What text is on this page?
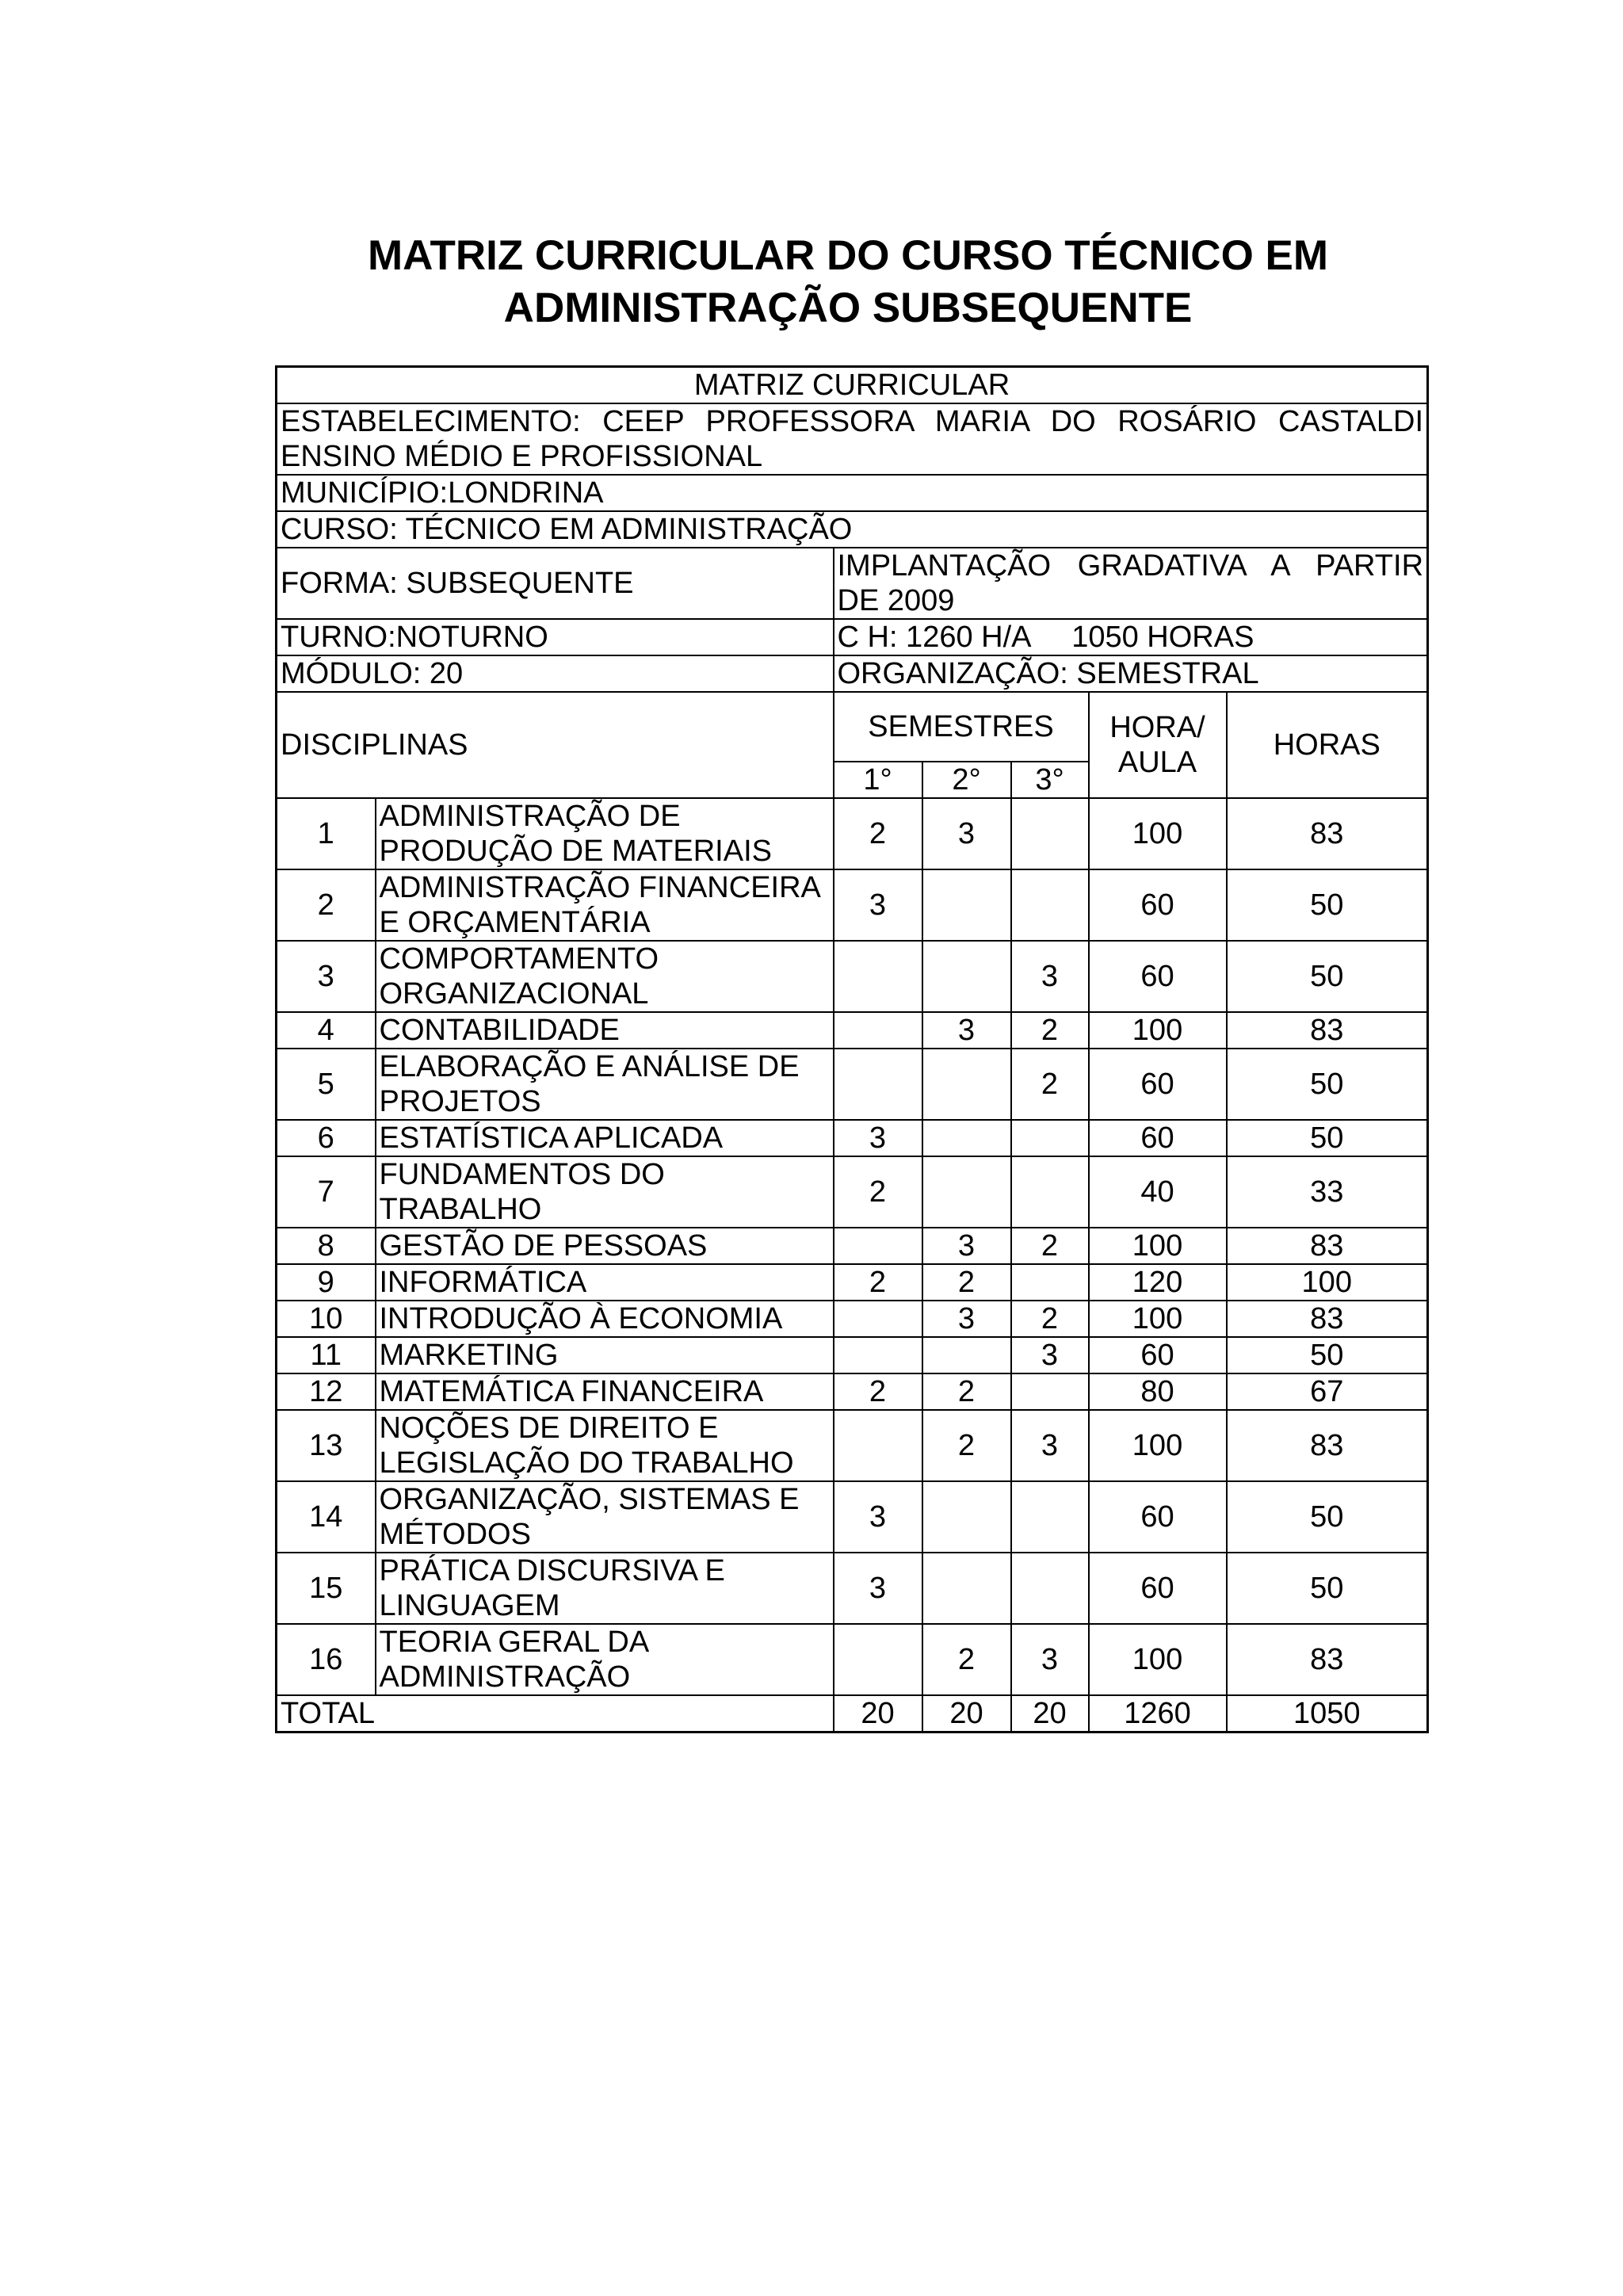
MATRIZ CURRICULAR DO CURSO TÉCNICO EM
ADMINISTRAÇÃO SUBSEQUENTE
MATRIZ CURRICULAR						

ESTABELECIMENTO: CEEP PROFESSORA MARIA DO ROSÁRIO CASTALDI
ENSINO MÉDIO E PROFISSIONAL						

MUNICÍPIO:LONDRINA						
CURSO: TÉCNICO EM ADMINISTRAÇÃO						
FORMA: SUBSEQUENTE		IMPLANTAÇÃO GRADATIVA A PARTIR
DE 2009				

TURNO:NOTURNO		C H: 1260 H/A     1050 HORAS				
MÓDULO: 20		ORGANIZAÇÃO: SEMESTRAL				
DISCIPLINAS		SEMESTRES			HORA/
AULA	HORAS
		1°	2°	3°		
1	ADMINISTRAÇÃO DE
PRODUÇÃO DE MATERIAIS	2	3		100	83
2	ADMINISTRAÇÃO FINANCEIRA
E ORÇAMENTÁRIA	3			60	50
3	COMPORTAMENTO
ORGANIZACIONAL			3	60	50
4	CONTABILIDADE		3	2	100	83
5	ELABORAÇÃO E ANÁLISE DE
PROJETOS			2	60	50
6	ESTATÍSTICA APLICADA	3			60	50
7	FUNDAMENTOS DO
TRABALHO	2			40	33
8	GESTÃO DE PESSOAS		3	2	100	83
9	INFORMÁTICA	2	2		120	100
10	INTRODUÇÃO À ECONOMIA		3	2	100	83
11	MARKETING			3	60	50
12	MATEMÁTICA FINANCEIRA	2	2		80	67
13	NOÇÕES DE DIREITO E
LEGISLAÇÃO DO TRABALHO		2	3	100	83
14	ORGANIZAÇÃO, SISTEMAS E
MÉTODOS	3			60	50
15	PRÁTICA DISCURSIVA E
LINGUAGEM	3			60	50
16	TEORIA GERAL DA
ADMINISTRAÇÃO		2	3	100	83
TOTAL		20	20	20	1260	1050
